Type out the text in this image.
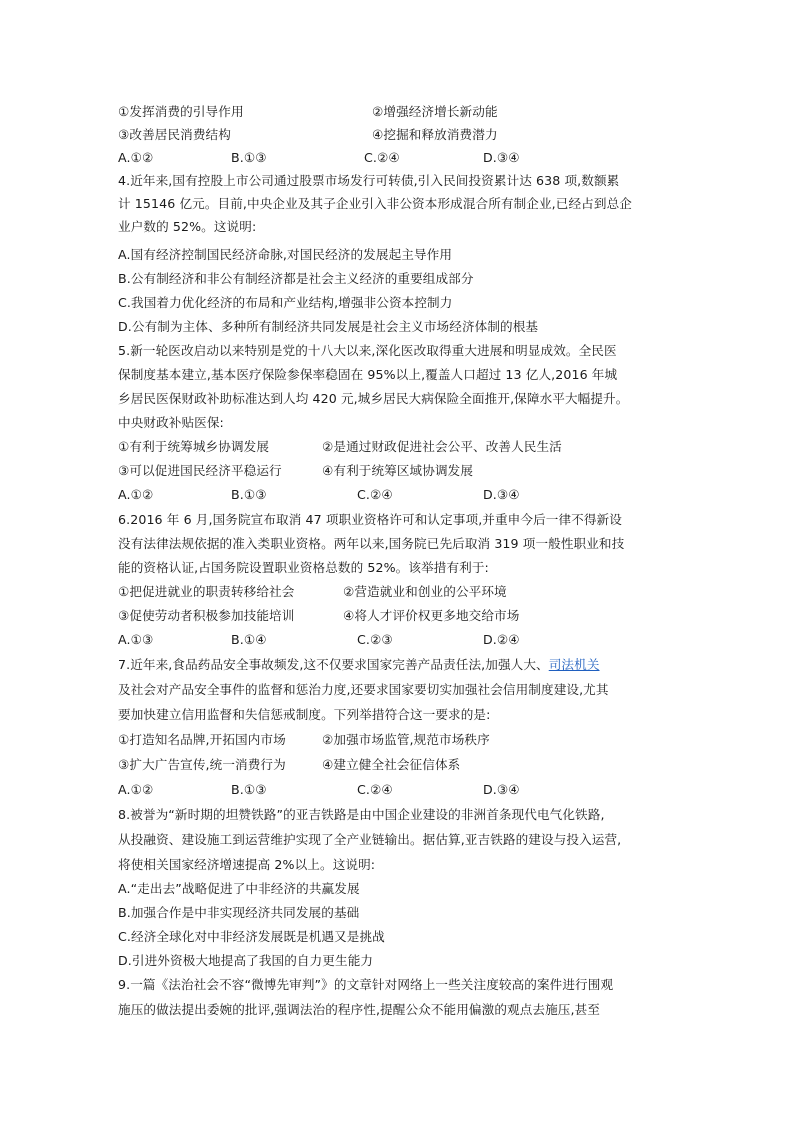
①发挥消费的引导作用	②增强经济增长新动能
③改善居民消费结构	④挖掘和释放消费潜力
A.①②	B.①③	C.②④	D.③④
4.近年来,国有控股上市公司通过股票市场发行可转债,引入民间投资累计达 638 项,数额累
计 15146 亿元。目前,中央企业及其子企业引入非公资本形成混合所有制企业,已经占到总企
业户数的 52%。这说明:
A.国有经济控制国民经济命脉,对国民经济的发展起主导作用
B.公有制经济和非公有制经济都是社会主义经济的重要组成部分
C.我国着力优化经济的布局和产业结构,增强非公资本控制力
D.公有制为主体、多种所有制经济共同发展是社会主义市场经济体制的根基
5.新一轮医改启动以来特别是党的十八大以来,深化医改取得重大进展和明显成效。全民医
保制度基本建立,基本医疗保险参保率稳固在 95%以上,覆盖人口超过 13 亿人,2016 年城
乡居民医保财政补助标准达到人均 420 元,城乡居民大病保险全面推开,保障水平大幅提升。
中央财政补贴医保:
①有利于统筹城乡协调发展	②是通过财政促进社会公平、改善人民生活
③可以促进国民经济平稳运行	④有利于统筹区域协调发展
A.①②	B.①③	C.②④	D.③④
6.2016 年 6 月,国务院宣布取消 47 项职业资格许可和认定事项,并重申今后一律不得新设
没有法律法规依据的准入类职业资格。两年以来,国务院已先后取消 319 项一般性职业和技
能的资格认证,占国务院设置职业资格总数的 52%。该举措有利于:
①把促进就业的职责转移给社会	②营造就业和创业的公平环境
③促使劳动者积极参加技能培训	④将人才评价权更多地交给市场
A.①③	B.①④	C.②③	D.②④
7.近年来,食品药品安全事故频发,这不仅要求国家完善产品责任法,加强人大、司法机关
及社会对产品安全事件的监督和惩治力度,还要求国家要切实加强社会信用制度建设,尤其
要加快建立信用监督和失信惩戒制度。下列举措符合这一要求的是:
①打造知名品牌,开拓国内市场	②加强市场监管,规范市场秩序
③扩大广告宣传,统一消费行为	④建立健全社会征信体系
A.①②	B.①③	C.②④	D.③④
8.被誉为“新时期的坦赞铁路”的亚吉铁路是由中国企业建设的非洲首条现代电气化铁路,
从投融资、建设施工到运营维护实现了全产业链输出。据估算,亚吉铁路的建设与投入运营,
将使相关国家经济增速提高 2%以上。这说明:
A.“走出去”战略促进了中非经济的共赢发展
B.加强合作是中非实现经济共同发展的基础
C.经济全球化对中非经济发展既是机遇又是挑战
D.引进外资极大地提高了我国的自力更生能力
9.一篇《法治社会不容“微博先审判”》的文章针对网络上一些关注度较高的案件进行围观
施压的做法提出委婉的批评,强调法治的程序性,提醒公众不能用偏激的观点去施压,甚至
